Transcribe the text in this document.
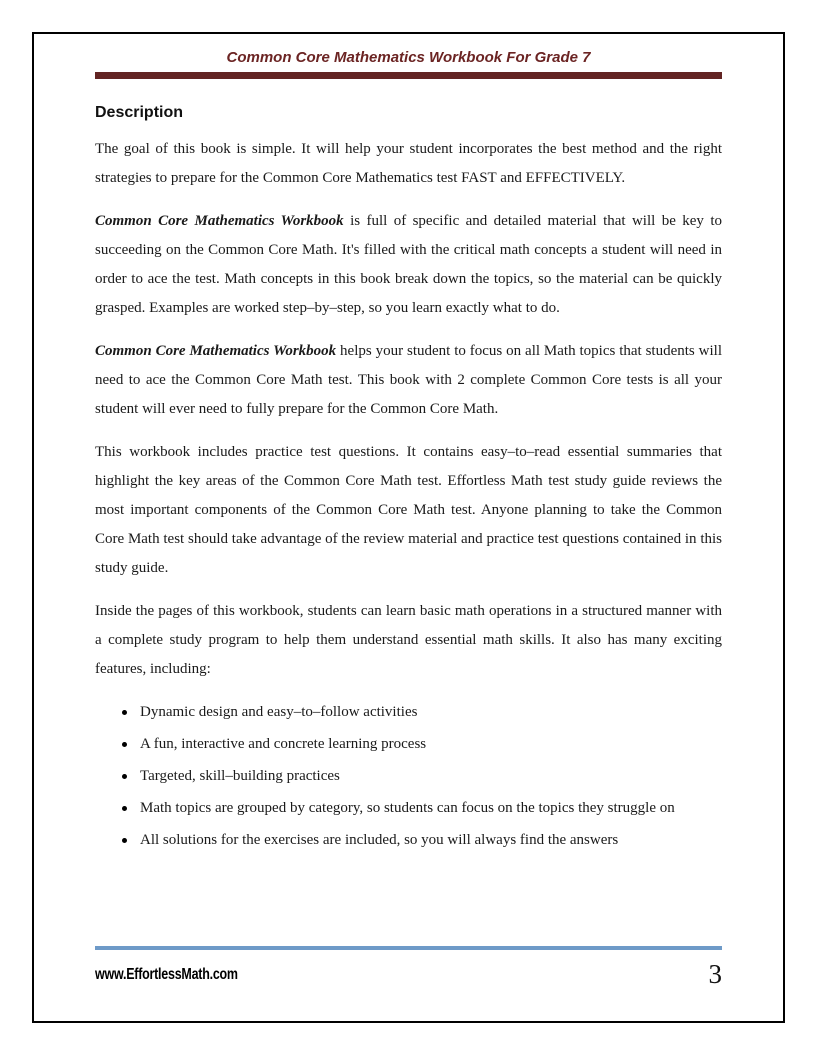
Common Core Mathematics Workbook For Grade 7
Description

The goal of this book is simple. It will help your student incorporates the best method and the right strategies to prepare for the Common Core Mathematics test FAST and EFFECTIVELY.

Common Core Mathematics Workbook is full of specific and detailed material that will be key to succeeding on the Common Core Math. It's filled with the critical math concepts a student will need in order to ace the test. Math concepts in this book break down the topics, so the material can be quickly grasped. Examples are worked step–by–step, so you learn exactly what to do.

Common Core Mathematics Workbook helps your student to focus on all Math topics that students will need to ace the Common Core Math test. This book with 2 complete Common Core tests is all your student will ever need to fully prepare for the Common Core Math.

This workbook includes practice test questions. It contains easy–to–read essential summaries that highlight the key areas of the Common Core Math test. Effortless Math test study guide reviews the most important components of the Common Core Math test. Anyone planning to take the Common Core Math test should take advantage of the review material and practice test questions contained in this study guide.

Inside the pages of this workbook, students can learn basic math operations in a structured manner with a complete study program to help them understand essential math skills. It also has many exciting features, including:

Dynamic design and easy–to–follow activities
A fun, interactive and concrete learning process
Targeted, skill–building practices
Math topics are grouped by category, so students can focus on the topics they struggle on
All solutions for the exercises are included, so you will always find the answers
www.EffortlessMath.com	3
